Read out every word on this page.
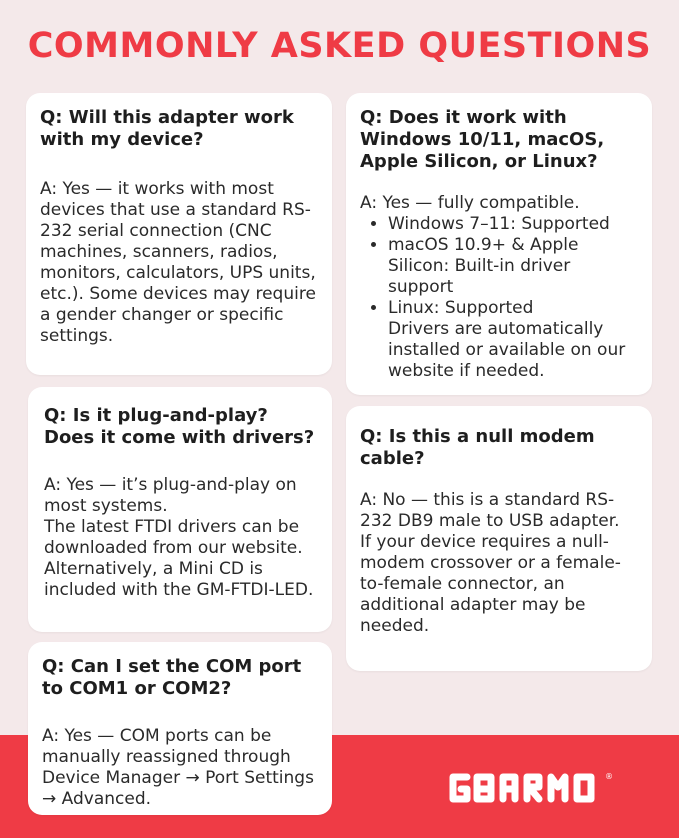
COMMONLY ASKED QUESTIONS
Q: Will this adapter work with my device?
A: Yes — it works with most devices that use a standard RS-232 serial connection (CNC machines, scanners, radios, monitors, calculators, UPS units, etc.). Some devices may require a gender changer or specific settings.
Q: Does it work with Windows 10/11, macOS, Apple Silicon, or Linux?

A: Yes — fully compatible.

• Windows 7–11: Supported
• macOS 10.9+ & Apple Silicon: Built-in driver support
• Linux: Supported

Drivers are automatically installed or available on our website if needed.

Q: Is it plug-and-play? Does it come with drivers?

A: Yes — it’s plug-and-play on most systems.

The latest FTDI drivers can be downloaded from our website. Alternatively, a Mini CD is included with the GM-FTDI-LED.

Q: Is this a null modem cable?

A: No — this is a standard RS-232 DB9 male to USB adapter.

If your device requires a null-modem crossover or a female-to-female connector, an additional adapter may be needed.

Q: Can I set the COM port to COM1 or COM2?
A: Yes — COM ports can be manually reassigned through Device Manager → Port Settings → Advanced.
®
